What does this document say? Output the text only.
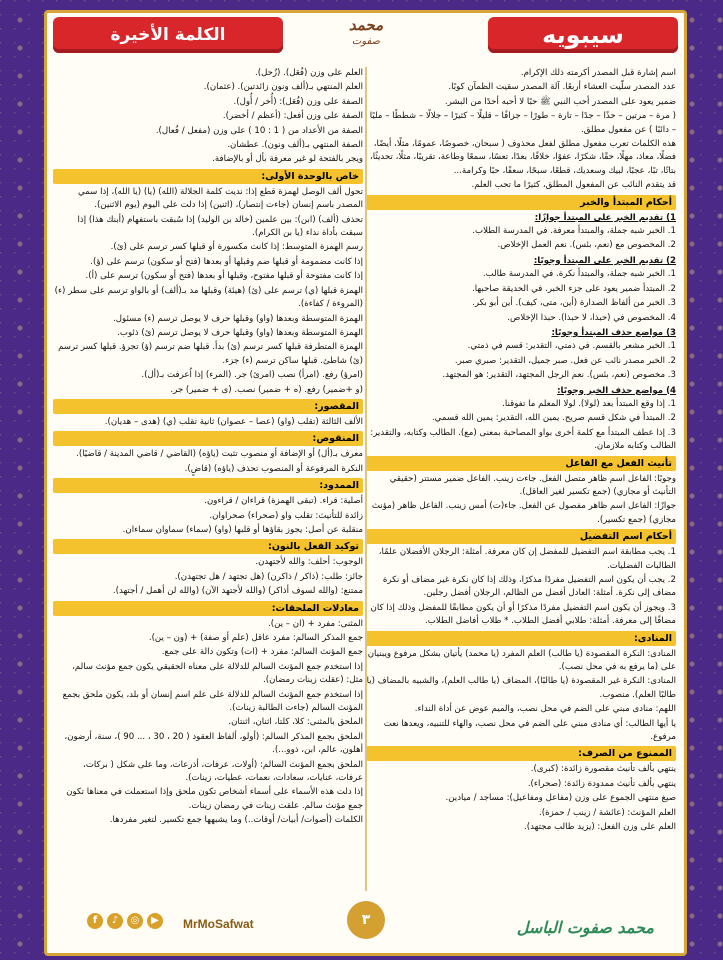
الكلمة الأخيرة	محمد
صفوت	سيبويه
اسم إشارة قبل المصدر أكرمته ذلك الإكرام.
عدد المصدر سلّيت العشاء أربعًا. آلة المصدر سقيت الظمآن كوبًا.
ضمير يعود على المصدر أحب النبي ﷺ حبًا لا أحبه أحدًا من البشر.
( مرة – مرتين – حذًا – جدًا – تارة – طورًا – جزافًا – قليلًا – كثيرًا – جلالًا – شططًا – مليًا – دائبًا ) عن مفعول مطلق.
هذه الكلمات تعرب مفعول مطلق لفعل محذوف ( سبحان، خصوصًا، عمومًا، مثلًا، أيضًا، فضلًا، معاذ، مهلًا، حقًا، شكرًا، عفوًا، خلافًا، بعدًا، تعسًا، سمعًا وطاعة، تقريبًا، مثلًا، تحديثًا، بتاتًا، تبًا، عجبًا، لبيك وسعديك، قطعًا، سبحًا، سعفًا، حبًا وكرامة...
قد يتقدم النائب عن المفعول المطلق، كثيرًا ما تحب العلم.
أحكام المبتدأ والخبر
1) تقديم الخبر على المبتدأ جوازًا:
1. الخبر شبه جملة، والمبتدأ معرفة. في المدرسة الطلاب.
2. المخصوص مع (نعم، بئس). نعم العمل الإخلاص.
2) تقديم الخبر على المبتدأ وجوبًا:
1. الخبر شبه جملة، والمبتدأ نكرة. في المدرسة طالب.
2. المبتدأ ضمير يعود على جزء الخبر. في الحديقة صاحبها.
3. الخبر من ألفاظ الصدارة (أين، متى، كيف). أين أبو بكر.
4. المخصوص في (حبذا، لا حبذا). حبذا الإخلاص.
3) مواضع حذف المبتدأ وجوبًا:
1. الخبر مشعر بالقسم. في ذمتي، التقدير: قسم في ذمتي.
2. الخبر مصدر نائب عن فعل. صبر جميل، التقدير: صبري صبر.
3. مخصوص (نعم، بئس). نعم الرجل المجتهد، التقدير: هو المجتهد.
4) مواضع حذف الخبر وجوبًا:
1. إذا وقع المبتدأ بعد (لولا). لولا المعلم ما تفوقنا.
2. المبتدأ في شكل قسم صريح. يمين الله، التقدير: يمين الله قسمي.
3. إذا عطف المبتدأ مع كلمة أخرى بواو المصاحبة بمعنى (مع). الطالب وكتابه، والتقدير: الطالب وكتابه ملازمان.
تأنيث الفعل مع الفاعل
وجوبًا: الفاعل اسم ظاهر متصل الفعل. جاءت زينب. الفاعل ضمير مستتر (حقيقي التأنيث أو مجازي) (جمع تكسير لغير العاقل).
جوازًا: الفاعل اسم ظاهر مفصول عن الفعل. جاء(ت) أمس زينب. الفاعل ظاهر (مؤنث مجازي) (جمع تكسير).
أحكام اسم التفضيل
1. يجب مطابقة اسم التفضيل للمفضل إن كان معرفة. أمثلة: الرجلان الأفضلان علمًا، الطالبات الفضليات.
2. يجب أن يكون اسم التفضيل مفردًا مذكرًا، وذلك إذا كان نكرة غير مضاف أو نكرة مضاف إلى نكرة. أمثلة: العادل أفضل من الظالم، الرجلان أفضل رجلين.
3. ويجوز أن يكون اسم التفضيل مفردًا مذكرًا أو أن يكون مطابقًا للمفضل وذلك إذا كان مضافًا إلى معرفة. أمثلة: طلابي أفضل الطلاب. * طلاب أفاضل الطلاب.
المنادى:
المنادى: النكرة المقصودة (يا طالب) العلم المفرد (يا محمد) يأتيان بشكل مرفوع ويبنيان على (ما يرفع به في محل نصب).
المنادى: النكرة غير المقصودة (يا طالبًا)، المضاف (يا طالب العلم)، والشبيه بالمضاف (يا طالبًا العلم). منصوب.
اللهم: منادى مبني على الضم في محل نصب، والميم عوض عن أداة النداء.
يا أيها الطالب: أي منادى مبني على الضم في محل نصب، والهاء للتنبيه، ويعدها نعت مرفوع.
الممنوع من الصرف:
ينتهي بألف تأنيث مقصورة زائدة: (كبرى).
ينتهي بألف تأنيث ممدودة زائدة: (صحراء).
صيغ منتهى الجموع على وزن (مفاعل ومفاعيل): مساجد / ميادين.
العلم المؤنث: (عائشة / زينب / حمزة).
العلم على وزن الفعل: (يزيد طالب مجتهد).
العلم على وزن (فُعَل). (زُحل).
العلم المنتهي بـ(ألف ونون زائدتين). (عثمان).
الصفة على وزن (فُعَل): (أُخر / أُول).
الصفة على وزن أفعل: (أعظم / أخضر).
الصفة من الأعداد من ( 1 : 10 ) على وزن (مفعل / فُعال).
الصفة المنتهي بـ(ألف ونون). عطشان.
ويجر بالفتحة لو غير معرفة بأل أو بالإضافة.
خاص بالوحدة الأولى:
تحول ألف الوصل لهمزة قطع إذا: نديت كلمة الجلالة (الله) (يا) (يا الله)، إذا سمي المصدر باسم إنسان (جاءت إنتصار)، (اثنين) إذا دلت على اليوم (يوم الاثنين).
تحذف (ألف) (ابن): بين علمين (خالد بن الوليد) إذا سُبقت باستفهام (أبنك هذا) إذا سبقت بأداة نداء (يا بن الكرام).
رسم الهمزة المتوسط: إذا كانت مكسورة أو قبلها كسر ترسم على (ئ).
إذا كانت مضمومة أو قبلها ضم وقبلها أو بعدها (فتح أو سكون) ترسم على (ؤ).
إذا كانت مفتوحة أو قبلها مفتوح، وقبلها أو بعدها (فتح أو سكون) ترسم على (أ).
الهمزة قبلها (ي) ترسم على (ئ) (هيئة) وقبلها مد بـ(ألف) أو بالواو ترسم على سطر (ء) (المروءة / كفاءة).
الهمزة المتوسطة وبعدها (واو) وقبلها حرف لا يوصل ترسم (ء) مسئول.
الهمزة المتوسطة وبعدها (واو) وقبلها حرف لا يوصل ترسم (ئ) ذئوب.
الهمزة المتطرفة قبلها كسر ترسم (ئ) بدأ. قبلها ضم ترسم (ؤ) تجرؤ. قبلها كسر ترسم (ئ) شاطئ. قبلها ساكن ترسم (ء) جزء.
(امرؤ) رفع. (امرأ) نصب (امرئ) جر. (المرء) إذا اُعرفت بـ(أل).
(و +ضمير) رفع. (ه + ضمير) نصب. (ى + ضمير) جر.
المقصور:
الألف الثالثة (تقلب (واو) (عصا – عصوان) ثانية تقلب (ي) (هدى – هديان).
المنقوص:
معرف بـ(أل) أو الإضافة أو منصوب تثبت (ياؤه) (القاضي / قاضي المدينة / قاضيًا).
النكرة المرفوعة أو المنصوب تحذف (ياؤه) (قاضٍ).
الممدود:
أصلية: قراء. (تبقى الهمزة) قراءان / قراءون.
زائدة للتأنيث: تقلب واو (صحراء) صحراوان.
منقلبة عن أصل: يجوز بقاؤها أو قلبها (واو) (سماء) سماوان سماءان.
توكيد الفعل بالنون:
الوجوب: أحلف: والله لأجتهدن.
جائز: طلب: (ذاكر / ذاكرن) (هل تجتهد / هل تجتهدن).
ممتنع: (والله لسوف أذاكر) (والله لأجتهد الآن) (والله لن أهمل / أجتهد).
معادلات الملحقات:
المثنى: مفرد + (ان – ين).
جمع المذكر السالم: مفرد عاقل (علم أو صفة) + (ون – ين).
جمع المؤنث السالم: مفرد + (ات) وتكون دالة على جمع.
إذا استخدم جمع المؤنث السالم للدلالة على معناه الحقيقي يكون جمع مؤنث سالم، مثل: (عقلت زينات رمضان).
إذا استخدم جمع المؤنث السالم للدلالة على علم اسم إنسان أو بلد، يكون ملحق بجمع المؤنث السالم (جاءت الطالبة زينات).
الملحق بالمثنى: كلا، كلتا، اثنان، اثنتان.
الملحق بجمع المذكر السالم: (أولو، ألفاظ العقود ( 20 ، 30 ، ... 90 )، سنة، أرضون، أهلون، عالم، ابن، ذوو...).
الملحق بجمع المؤنث السالم: (أولات، عرفات، أذرعات، وما على شكل ( بركات، عرفات، عنايات، سعادات، نعمات، عطيات، زينات).
إذا دلت هذه الأسماء على أسماء أشخاص تكون ملحق وإذا استعملت في معناها تكون جمع مؤنث سالم. علقت زينات في رمضان زينات.
الكلمات (أصوات/ أبيات/ أوقات..) وما يشبهها جمع تكسير. لتغير مفردها.
f	♪	◎	▶	MrMoSafwat	٣	محمد صفوت الباسل
